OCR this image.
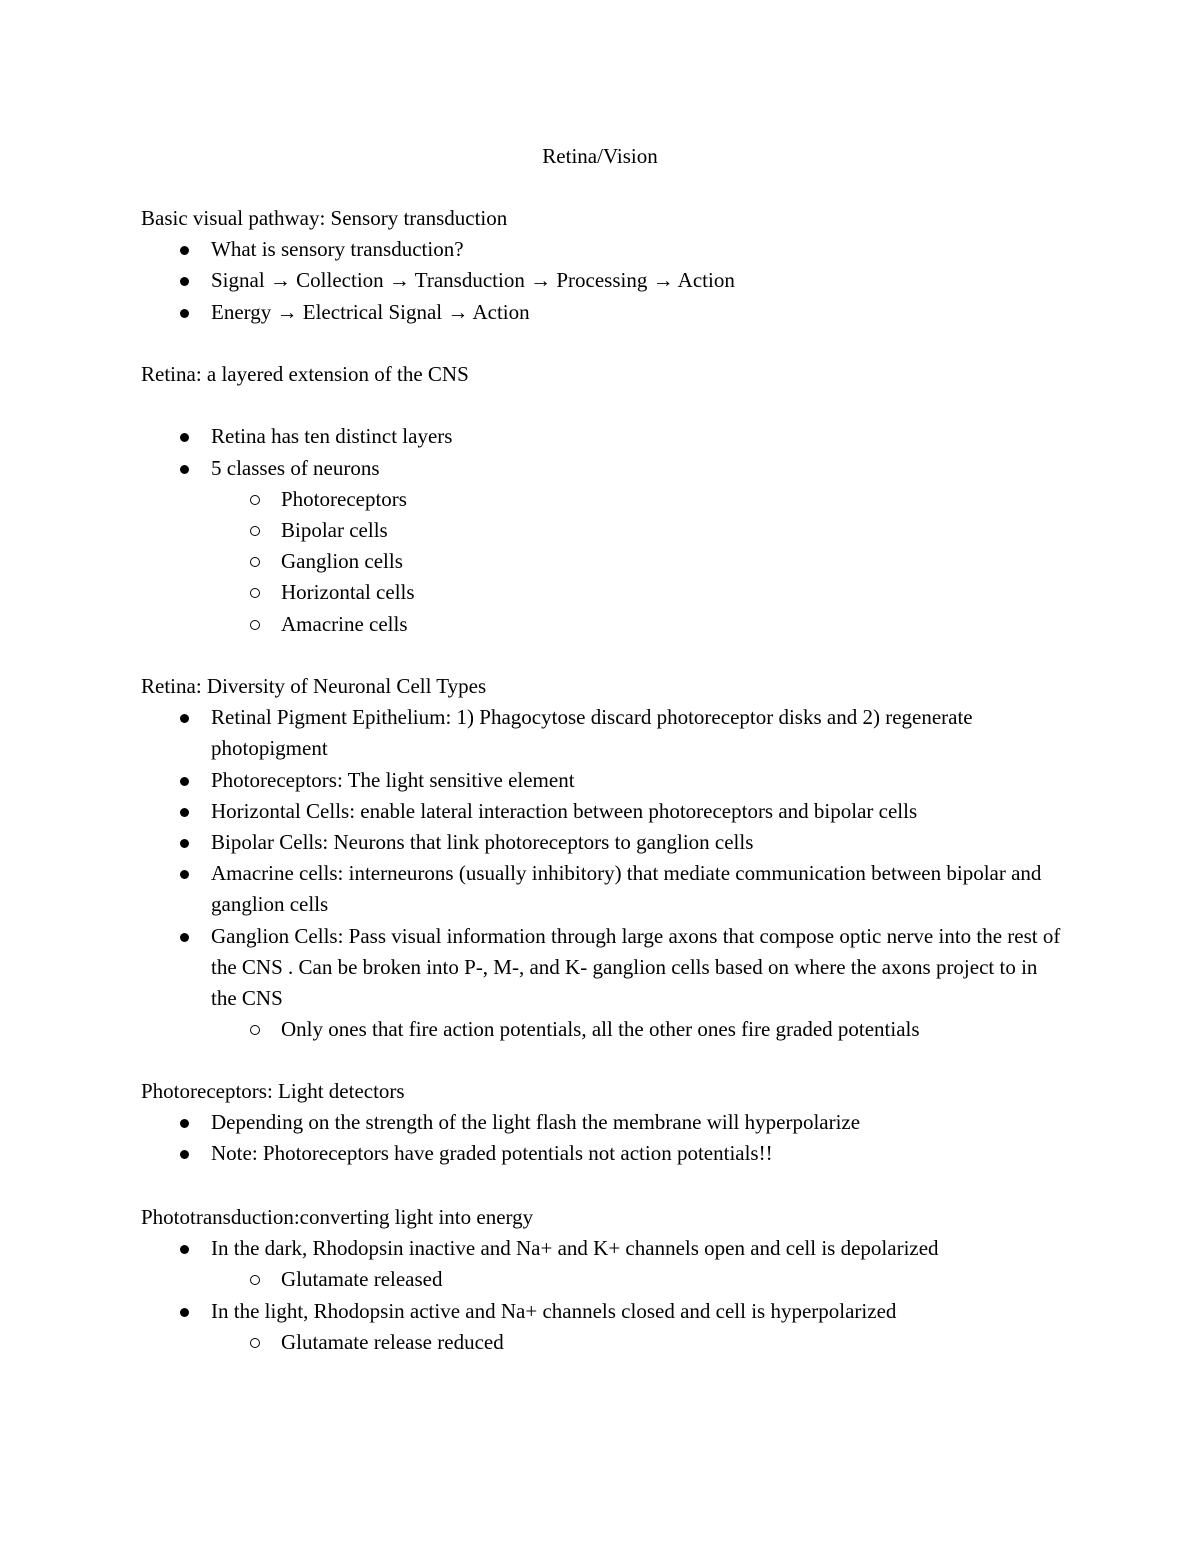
Retina/Vision
Basic visual pathway: Sensory transduction
What is sensory transduction?
Signal → Collection → Transduction → Processing → Action
Energy → Electrical Signal → Action
Retina: a layered extension of the CNS
Retina has ten distinct layers
5 classes of neurons
Photoreceptors
Bipolar cells
Ganglion cells
Horizontal cells
Amacrine cells
Retina: Diversity of Neuronal Cell Types
Retinal Pigment Epithelium: 1) Phagocytose discard photoreceptor disks and 2) regenerate photopigment
Photoreceptors: The light sensitive element
Horizontal Cells: enable lateral interaction between photoreceptors and bipolar cells
Bipolar Cells: Neurons that link photoreceptors to ganglion cells
Amacrine cells: interneurons (usually inhibitory) that mediate communication between bipolar and ganglion cells
Ganglion Cells: Pass visual information through large axons that compose optic nerve into the rest of the CNS . Can be broken into P-, M-, and K- ganglion cells based on where the axons project to in the CNS
Only ones that fire action potentials, all the other ones fire graded potentials
Photoreceptors: Light detectors
Depending on the strength of the light flash the membrane will hyperpolarize
Note: Photoreceptors have graded potentials not action potentials!!
Phototransduction:converting light into energy
In the dark, Rhodopsin inactive and Na+ and K+ channels open and cell is depolarized
Glutamate released
In the light, Rhodopsin active and Na+ channels closed and cell is hyperpolarized
Glutamate release reduced
